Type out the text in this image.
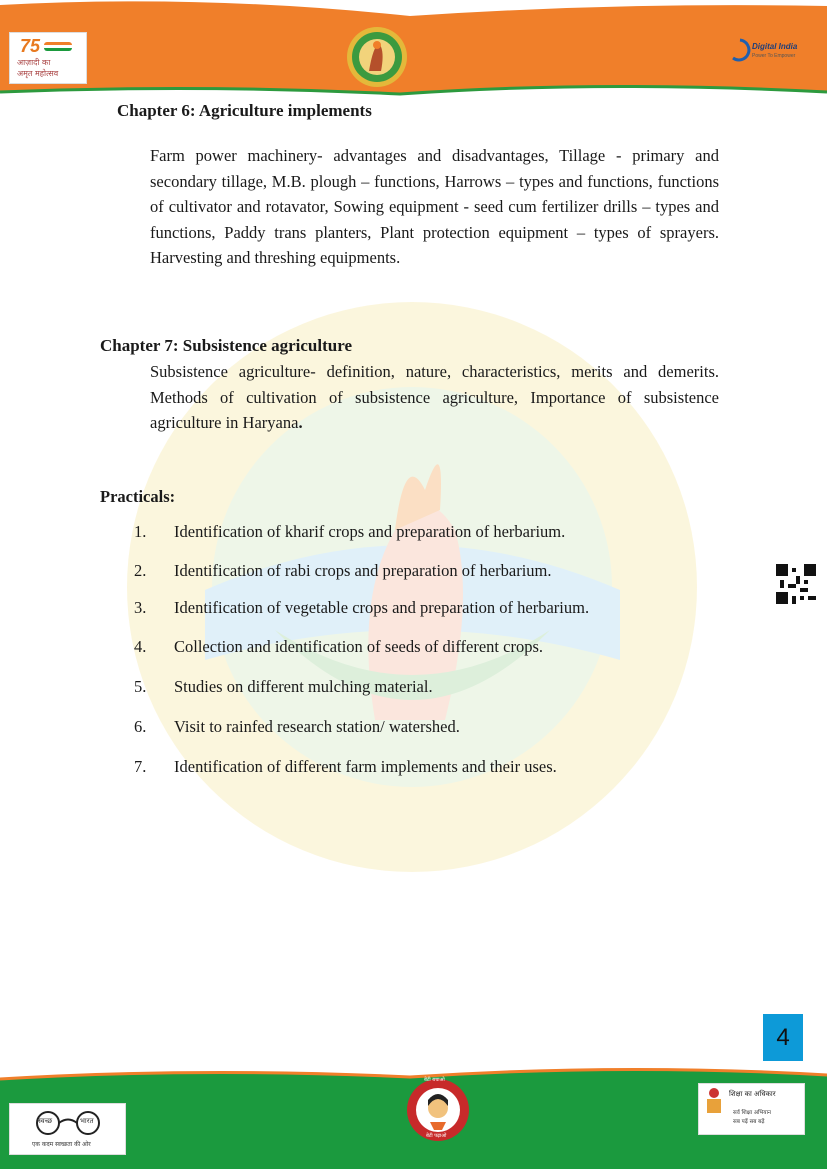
75
आज़ादी का
अमृत महोत्सव
Digital India
Power To Empower
Chapter 6: Agriculture implements

Farm power machinery- advantages and disadvantages, Tillage - primary and secondary tillage, M.B. plough – functions, Harrows – types and functions, functions of cultivator and rotavator, Sowing equipment - seed cum fertilizer drills – types and functions, Paddy trans planters, Plant protection equipment – types of sprayers. Harvesting and threshing equipments.

Chapter 7: Subsistence agriculture

Subsistence agriculture- definition, nature, characteristics, merits and demerits. Methods of cultivation of subsistence agriculture, Importance of subsistence agriculture in Haryana.

Practicals:
1. Identification of kharif crops and preparation of herbarium.
2. Identification of rabi crops and preparation of herbarium.
3. Identification of vegetable crops and preparation of herbarium.
4. Collection and identification of seeds of different crops.
5. Studies on different mulching material.
6. Visit to rainfed research station/ watershed.
7. Identification of different farm implements and their uses.
4
स्वच्छ	भारत
एक कदम स्वच्छता की ओर
बेटी बचाओ
बेटी पढ़ाओ
शिक्षा का अधिकार
सर्व शिक्षा अभियान
सब पढ़ें सब बढ़ें
